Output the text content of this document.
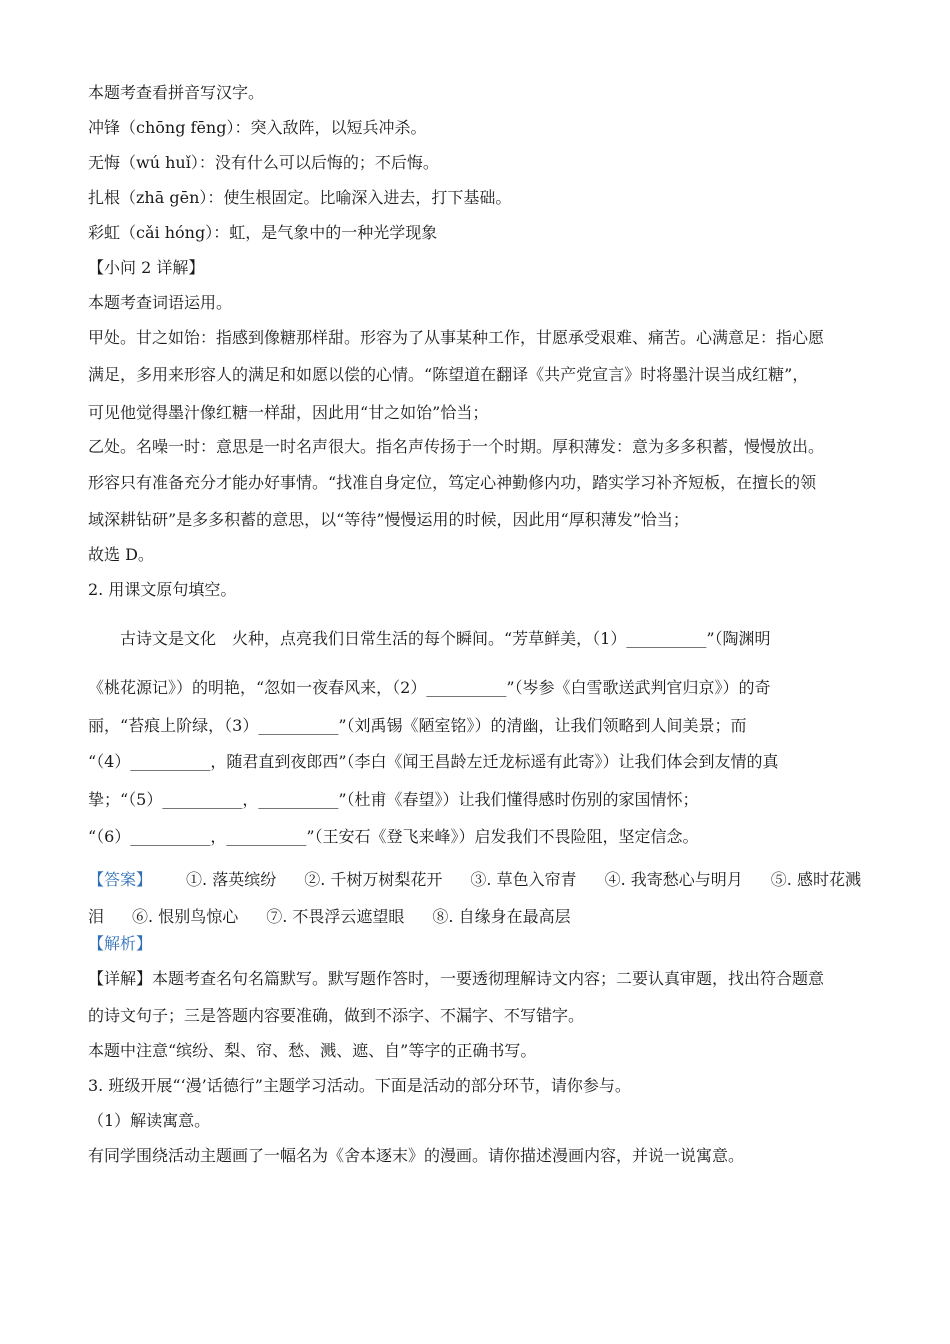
本题考查看拼音写汉字。
冲锋（chōng fēng）：突入敌阵，以短兵冲杀。
无悔（wú huǐ）：没有什么可以后悔的；不后悔。
扎根（zhā gēn）：使生根固定。比喻深入进去，打下基础。
彩虹（cǎi hóng）：虹，是气象中的一种光学现象
【小问 2 详解】
本题考查词语运用。
甲处。甘之如饴：指感到像糖那样甜。形容为了从事某种工作，甘愿承受艰难、痛苦。心满意足：指心愿
满足，多用来形容人的满足和如愿以偿的心情。“陈望道在翻译《共产党宣言》时将墨汁误当成红糖”，
可见他觉得墨汁像红糖一样甜，因此用“甘之如饴”恰当；
乙处。名噪一时：意思是一时名声很大。指名声传扬于一个时期。厚积薄发：意为多多积蓄，慢慢放出。
形容只有准备充分才能办好事情。“找准自身定位，笃定心神勤修内功，踏实学习补齐短板，在擅长的领
域深耕钻研”是多多积蓄的意思，以“等待”慢慢运用的时候，因此用“厚积薄发”恰当；
故选 D。
2. 用课文原句填空。
古诗文是文化　火种，点亮我们日常生活的每个瞬间。“芳草鲜美，（1）__________”（陶渊明
《桃花源记》）的明艳，“忽如一夜春风来，（2）__________”（岑参《白雪歌送武判官归京》）的奇
丽，“苔痕上阶绿，（3）__________”（刘禹锡《陋室铭》）的清幽，让我们领略到人间美景；而
“（4）__________，随君直到夜郎西”（李白《闻王昌龄左迁龙标遥有此寄》）让我们体会到友情的真
挚；“（5）__________，__________”（杜甫《春望》）让我们懂得感时伤别的家国情怀；
“（6）__________，__________”（王安石《登飞来峰》）启发我们不畏险阻，坚定信念。
【答案】 ①. 落英缤纷 ②. 千树万树梨花开 ③. 草色入帘青 ④. 我寄愁心与明月 ⑤. 感时花溅泪 ⑥. 恨别鸟惊心 ⑦. 不畏浮云遮望眼 ⑧. 自缘身在最高层
【解析】
【详解】本题考查名句名篇默写。默写题作答时，一要透彻理解诗文内容；二要认真审题，找出符合题意
的诗文句子；三是答题内容要准确，做到不添字、不漏字、不写错字。
本题中注意“缤纷、梨、帘、愁、溅、遮、自”等字的正确书写。
3. 班级开展“‘漫’话德行”主题学习活动。下面是活动的部分环节，请你参与。
（1）解读寓意。
有同学围绕活动主题画了一幅名为《舍本逐末》的漫画。请你描述漫画内容，并说一说寓意。
